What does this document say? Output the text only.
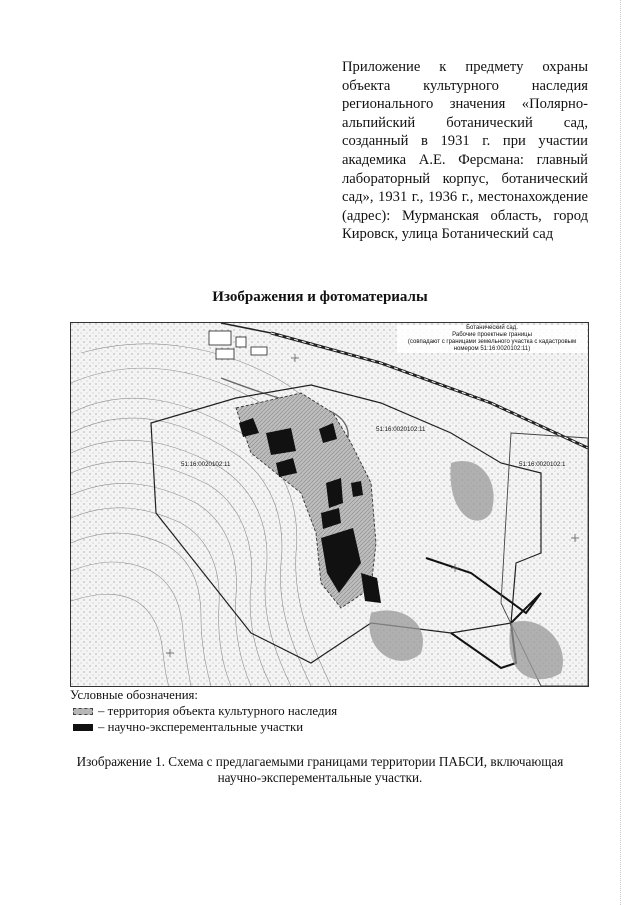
Приложение к предмету охраны объекта культурного наследия регионального значения «Полярно-альпийский ботанический сад, созданный в 1931 г. при участии академика А.Е. Ферсмана: главный лабораторный корпус, ботанический сад», 1931 г., 1936 г., местонахождение (адрес): Мурманская область, город Кировск, улица Ботанический сад
Изображения и фотоматериалы
51:16:0020102:11
51:16:0020102:11	51:16:0020102:1
Ботанический сад.
Рабочие проектные границы
(совпадают с границами земельного участка с кадастровым номером 51:16:0020102:11)
Условные обозначения:
– территория объекта культурного наследия
– научно-эксперементальные участки
Изображение 1. Схема с предлагаемыми границами территории ПАБСИ, включающая научно-эксперементальные участки.
